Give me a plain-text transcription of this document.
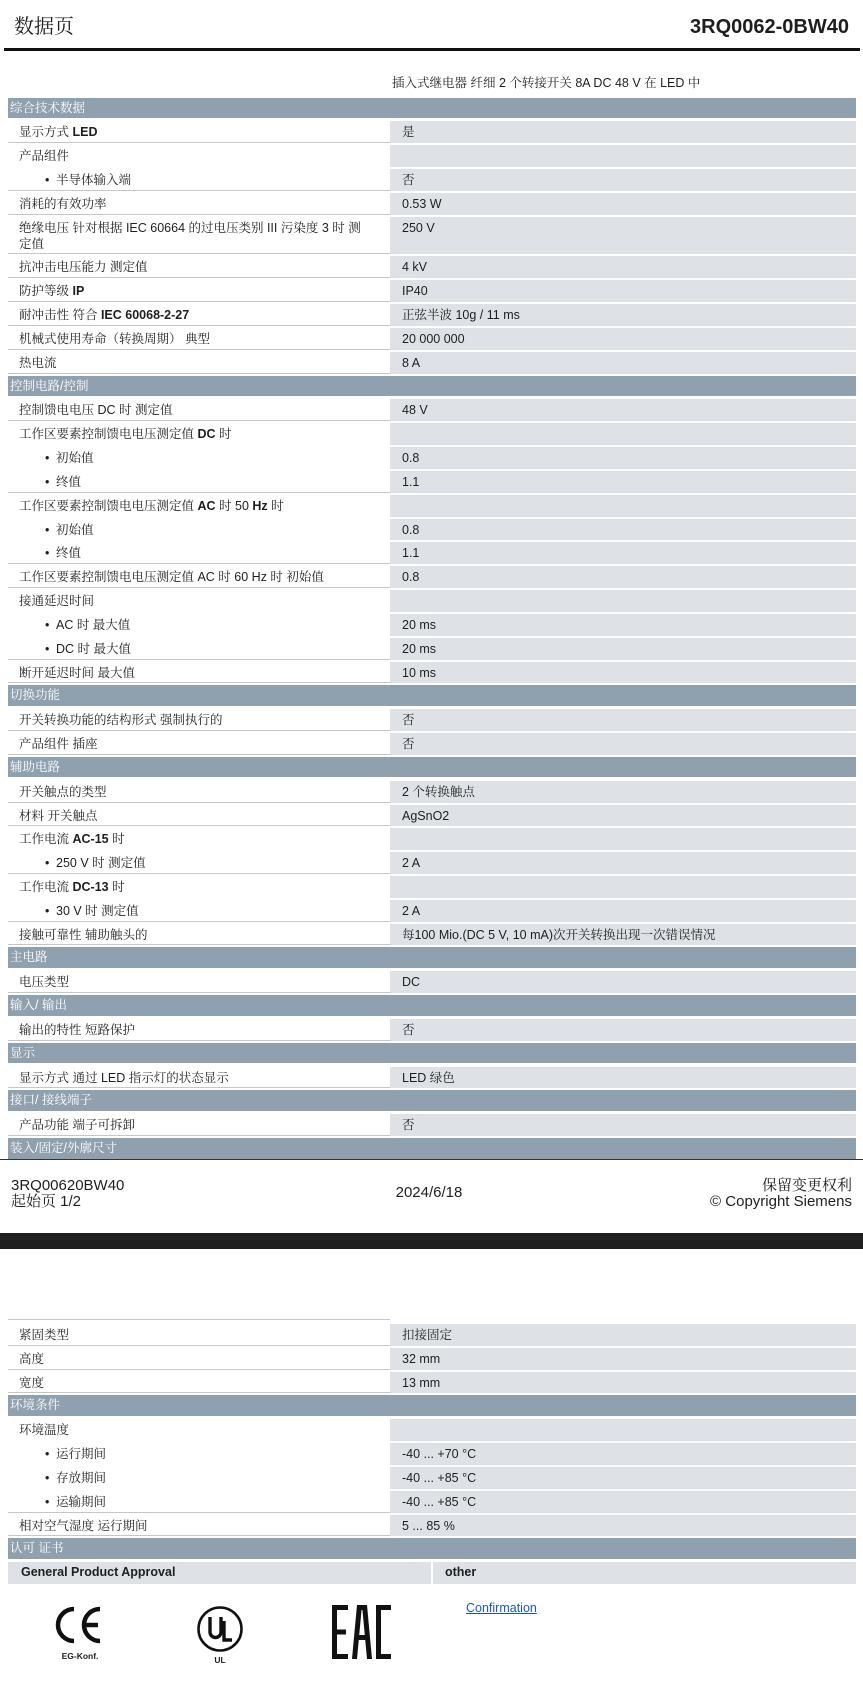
数据页	3RQ0062-0BW40
插入式继电器 纤细 2 个转接开关 8A DC 48 V 在 LED 中
综合技术数据
显示方式 LED	是
产品组件
•
半导体输入端	否
消耗的有效功率	0.53 W
绝缘电压 针对根据 IEC 60664 的过电压类别 III 污染度 3 时 测定值
250 V
抗冲击电压能力 测定值	4 kV
防护等级 IP	IP40
耐冲击性 符合 IEC 60068-2-27	正弦半波 10g / 11 ms
机械式使用寿命（转换周期） 典型	20 000 000
热电流	8 A
控制电路/控制
控制馈电电压 DC 时 测定值	48 V
工作区要素控制馈电电压测定值 DC 时
•
初始值	0.8
•
终值	1.1
工作区要素控制馈电电压测定值 AC 时 50 Hz 时
•
初始值	0.8
•
终值	1.1
工作区要素控制馈电电压测定值 AC 时 60 Hz 时 初始值	0.8
接通延迟时间
•
AC 时 最大值	20 ms
•
DC 时 最大值	20 ms
断开延迟时间 最大值	10 ms
切换功能
开关转换功能的结构形式 强制执行的	否
产品组件 插座	否
辅助电路
开关触点的类型	2 个转换触点
材料 开关触点	AgSnO2
工作电流 AC-15 时
•
250 V 时 测定值	2 A
工作电流 DC-13 时
•
30 V 时 测定值	2 A
接触可靠性 辅助触头的	每100 Mio.(DC 5 V, 10 mA)次开关转换出现一次错误情况
主电路
电压类型	DC
输入/ 输出
输出的特性 短路保护	否
显示
显示方式 通过 LED 指示灯的状态显示	LED 绿色
接口/ 接线端子
产品功能 端子可拆卸	否
装入/固定/外廓尺寸
3RQ00620BW40
起始页 1/2
2024/6/18	保留变更权利
© Copyright Siemens
紧固类型	扣接固定
高度	32 mm
宽度	13 mm
环境条件
环境温度
•
运行期间	-40 ... +70 °C
•
存放期间	-40 ... +85 °C
•
运输期间	-40 ... +85 °C
相对空气湿度 运行期间	5 ... 85 %
认可 证书
General Product Approval	other
EG-Konf.	UL
Confirmation
